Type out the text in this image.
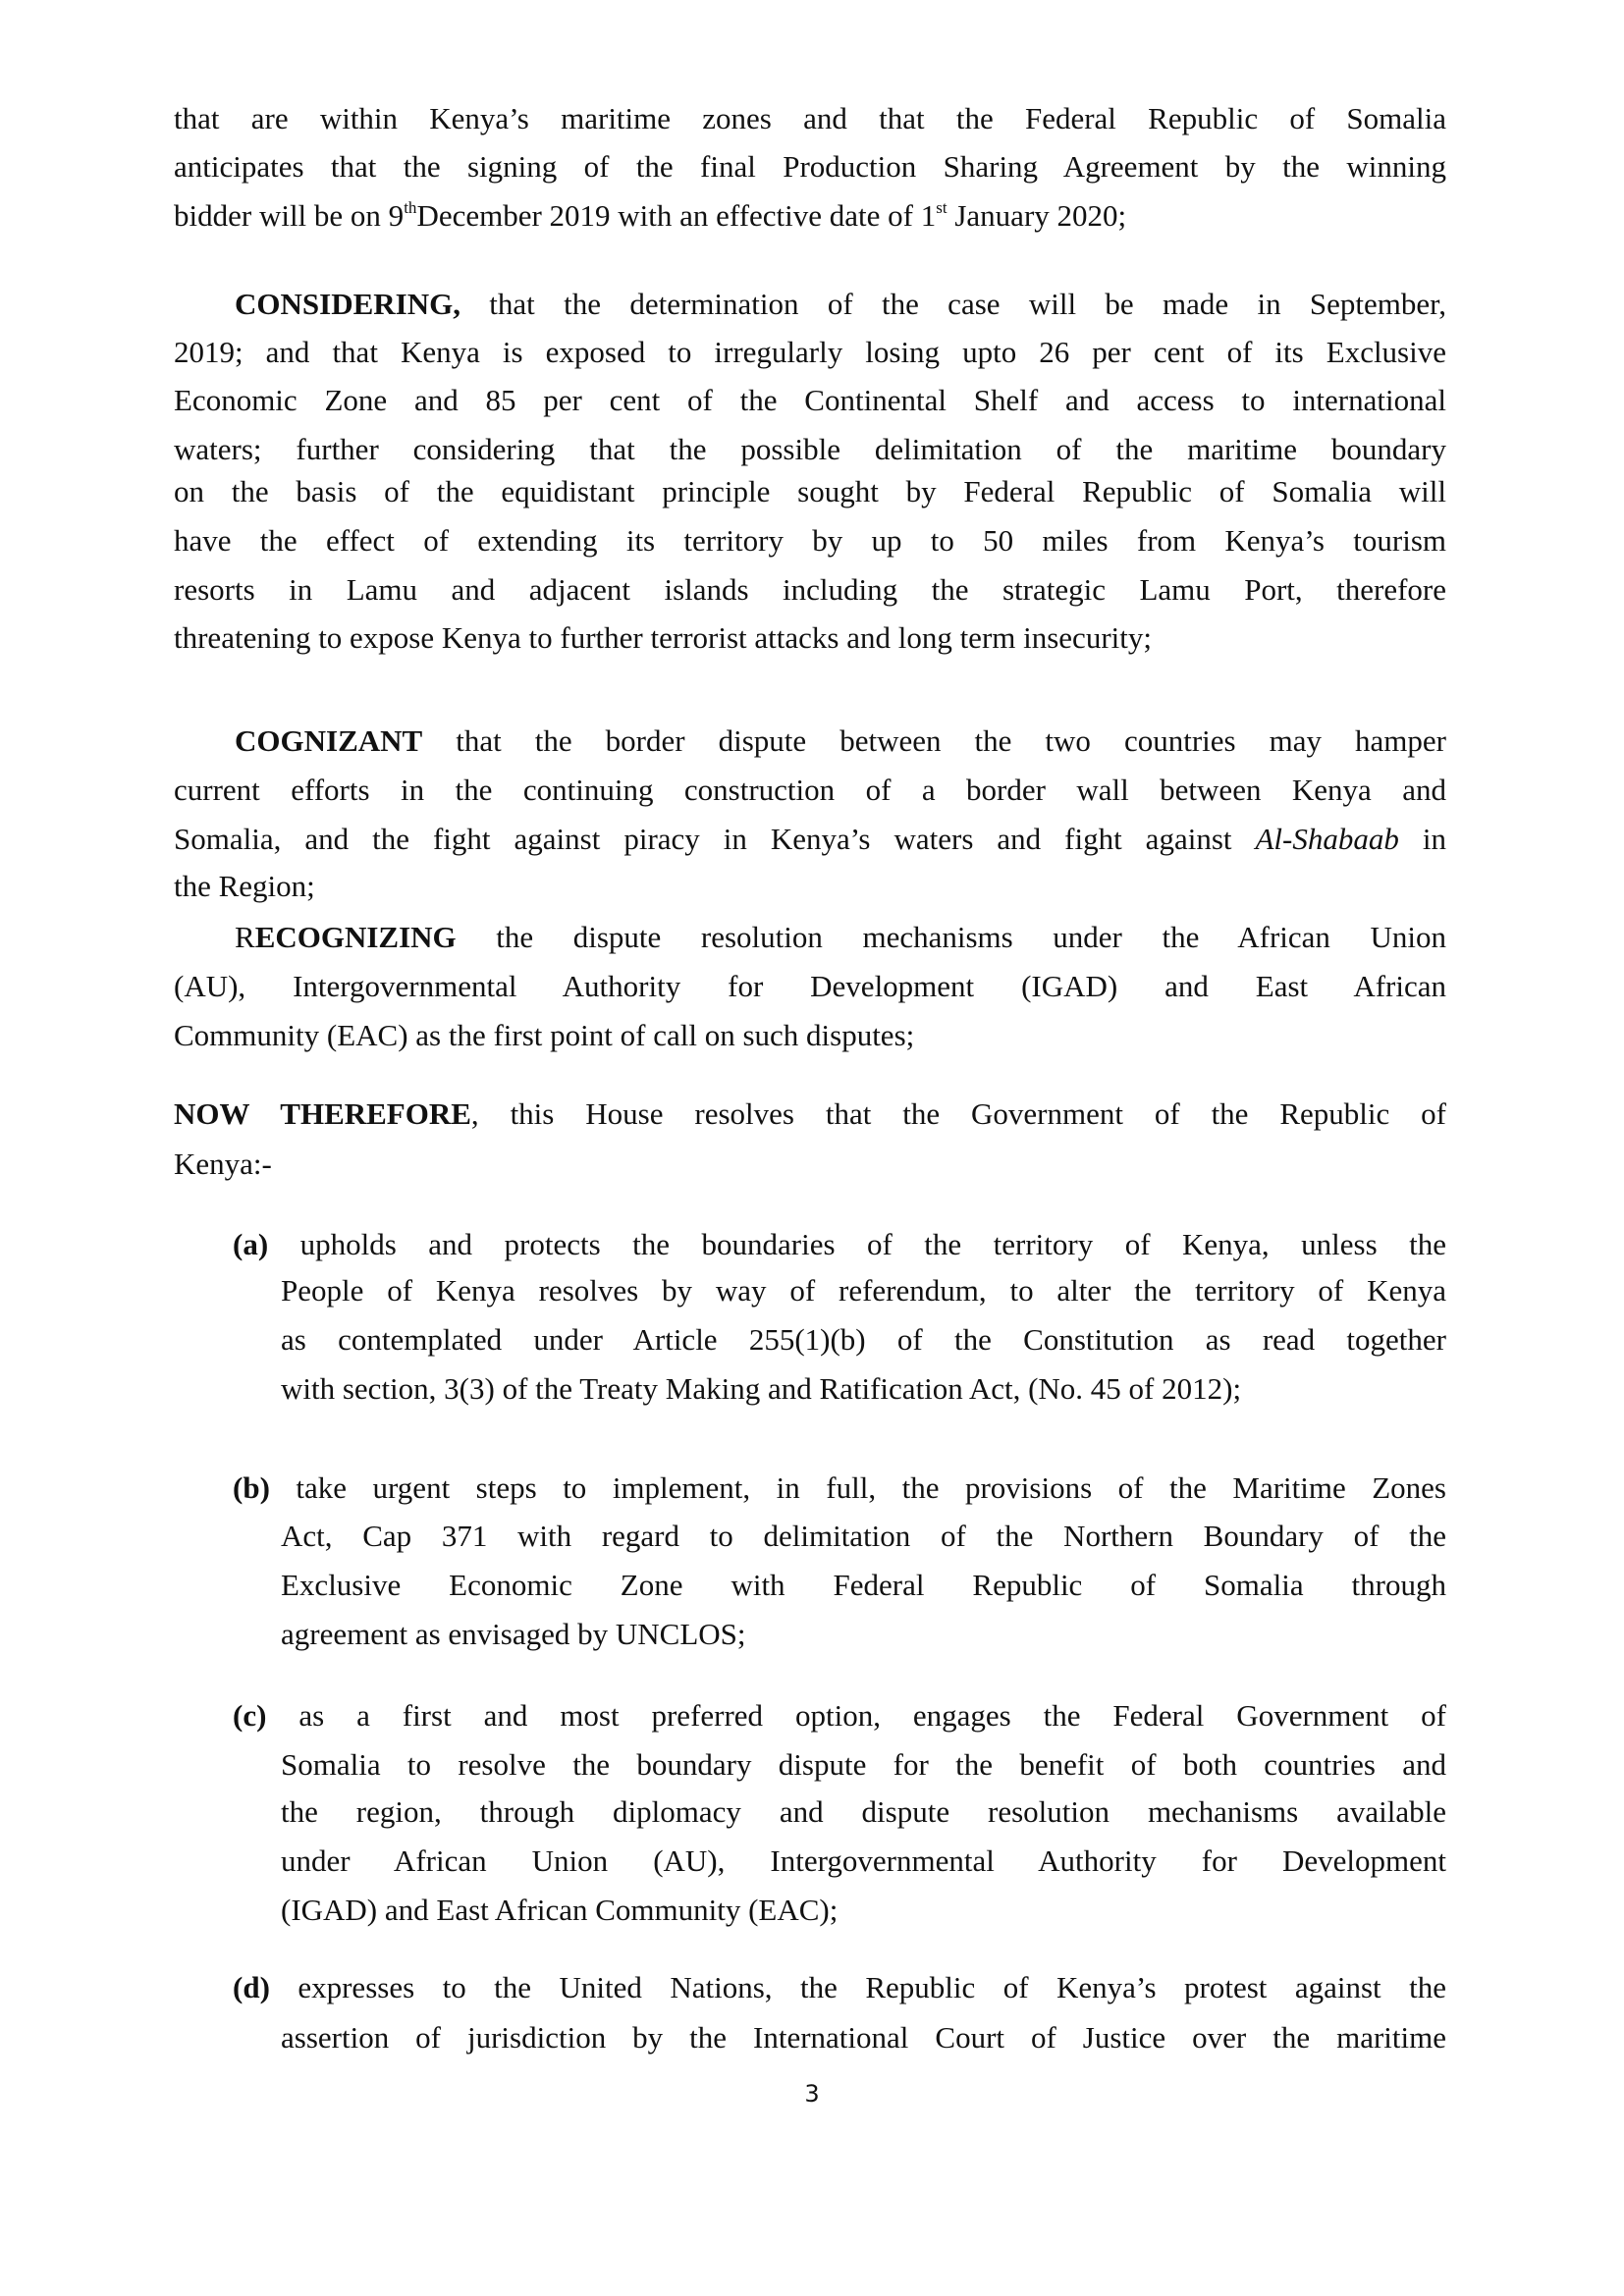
that are within Kenya’s maritime zones and that the Federal Republic of Somalia
anticipates that the signing of the final Production Sharing Agreement by the winning
bidder will be on 9thDecember 2019 with an effective date of 1st January 2020;
CONSIDERING, that the determination of the case will be made in September,
2019; and that Kenya is exposed to irregularly losing upto 26 per cent of its Exclusive
Economic Zone and 85 per cent of the Continental Shelf and access to international
waters; further considering that the possible delimitation of the maritime boundary
on the basis of the equidistant principle sought by Federal Republic of Somalia will
have the effect of extending its territory by up to 50 miles from Kenya’s tourism
resorts in Lamu and adjacent islands including the strategic Lamu Port, therefore
threatening to expose Kenya to further terrorist attacks and long term insecurity;
COGNIZANT that the border dispute between the two countries may hamper
current efforts in the continuing construction of a border wall between Kenya and
Somalia, and the fight against piracy in Kenya’s waters and fight against Al-Shabaab in
the Region;
RECOGNIZING the dispute resolution mechanisms under the African Union
(AU), Intergovernmental Authority for Development (IGAD) and East African
Community (EAC) as the first point of call on such disputes;
NOW THEREFORE, this House resolves that the Government of the Republic of
Kenya:-
(a) upholds and protects the boundaries of the territory of Kenya, unless the
People of Kenya resolves by way of referendum, to alter the territory of Kenya
as contemplated under Article 255(1)(b) of the Constitution as read together
with section, 3(3) of the Treaty Making and Ratification Act, (No. 45 of 2012);
(b) take urgent steps to implement, in full, the provisions of the Maritime Zones
Act, Cap 371 with regard to delimitation of the Northern Boundary of the
Exclusive Economic Zone with Federal Republic of Somalia through
agreement as envisaged by UNCLOS;
(c) as a first and most preferred option, engages the Federal Government of
Somalia to resolve the boundary dispute for the benefit of both countries and
the region, through diplomacy and dispute resolution mechanisms available
under African Union (AU), Intergovernmental Authority for Development
(IGAD) and East African Community (EAC);
(d) expresses to the United Nations, the Republic of Kenya’s protest against the
assertion of jurisdiction by the International Court of Justice over the maritime
3
